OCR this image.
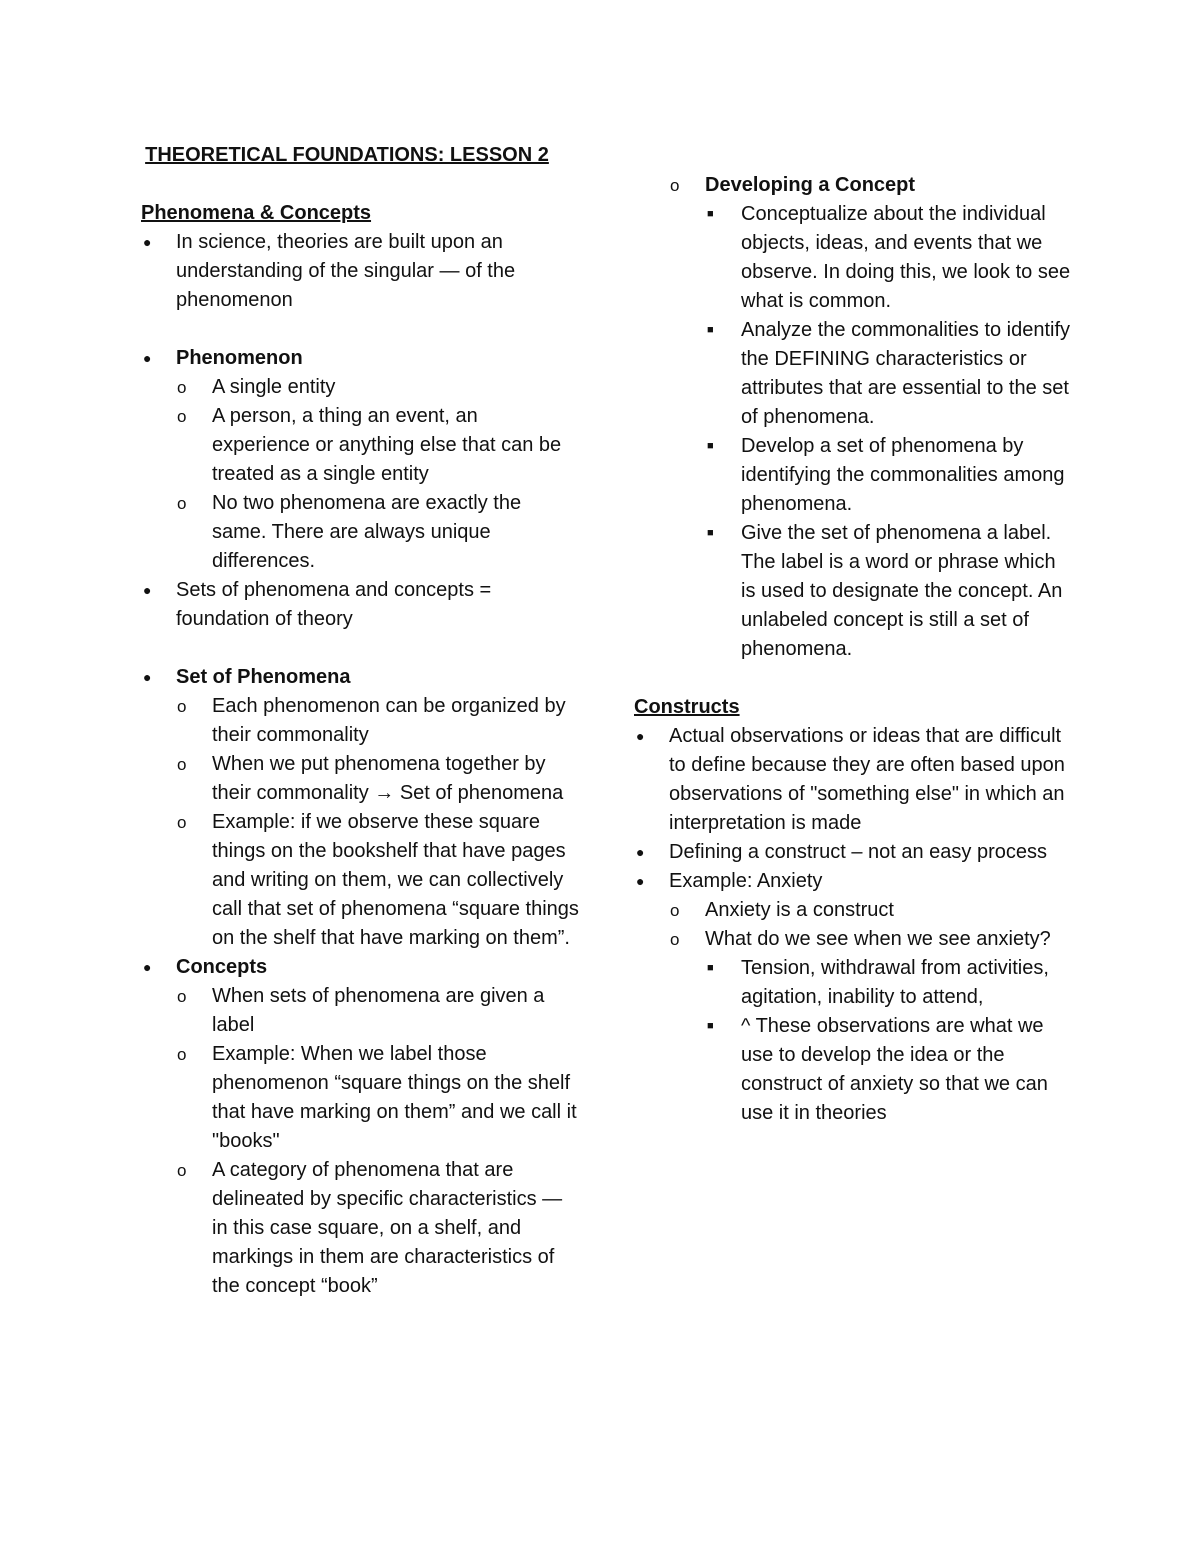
THEORETICAL FOUNDATIONS: LESSON 2
Phenomena & Concepts
● In science, theories are built upon an understanding of the singular — of the phenomenon
● Phenomenon
o A single entity
o A person, a thing an event, an experience or anything else that can be treated as a single entity
o No two phenomena are exactly the same. There are always unique differences.
● Sets of phenomena and concepts = foundation of theory
● Set of Phenomena
o Each phenomenon can be organized by their commonality
o When we put phenomena together by their commonality → Set of phenomena
o Example: if we observe these square things on the bookshelf that have pages and writing on them, we can collectively call that set of phenomena “square things on the shelf that have marking on them”.
● Concepts
o When sets of phenomena are given a label
o Example: When we label those phenomenon “square things on the shelf that have marking on them” and we call it "books"
o A category of phenomena that are delineated by specific characteristics — in this case square, on a shelf, and markings in them are characteristics of the concept “book”
o Developing a Concept
■ Conceptualize about the individual objects, ideas, and events that we observe. In doing this, we look to see what is common.
■ Analyze the commonalities to identify the DEFINING characteristics or attributes that are essential to the set of phenomena.
■ Develop a set of phenomena by identifying the commonalities among phenomena.
■ Give the set of phenomena a label. The label is a word or phrase which is used to designate the concept. An unlabeled concept is still a set of phenomena.
Constructs
● Actual observations or ideas that are difficult to define because they are often based upon observations of "something else" in which an interpretation is made
● Defining a construct – not an easy process
● Example: Anxiety
o Anxiety is a construct
o What do we see when we see anxiety?
■ Tension, withdrawal from activities, agitation, inability to attend,
■ ^ These observations are what we use to develop the idea or the construct of anxiety so that we can use it in theories
